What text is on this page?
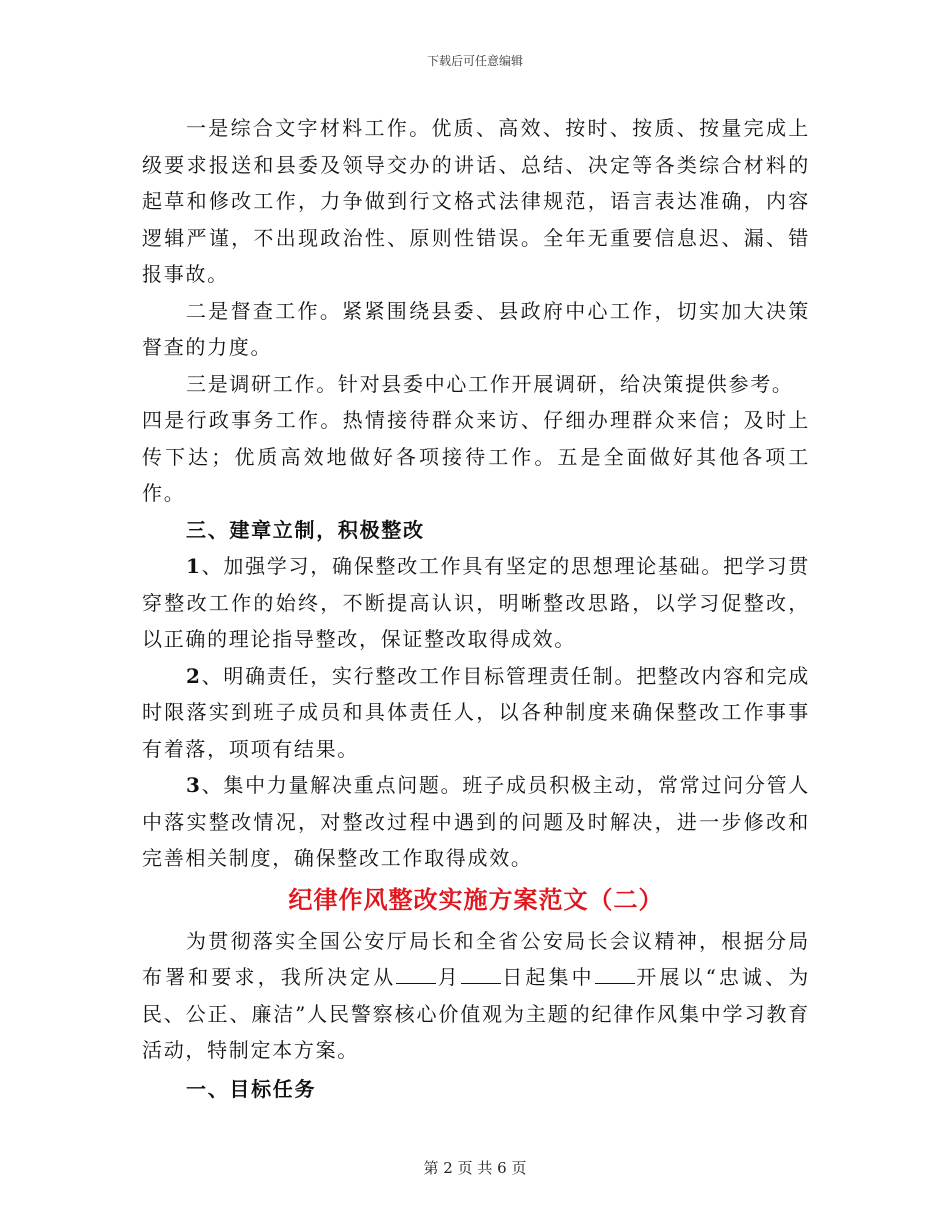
下载后可任意编辑

一是综合文字材料工作。优质、高效、按时、按质、按量完成上级要求报送和县委及领导交办的讲话、总结、决定等各类综合材料的起草和修改工作，力争做到行文格式法律规范，语言表达准确，内容逻辑严谨，不出现政治性、原则性错误。全年无重要信息迟、漏、错报事故。

二是督查工作。紧紧围绕县委、县政府中心工作，切实加大决策督查的力度。

三是调研工作。针对县委中心工作开展调研，给决策提供参考。

四是行政事务工作。热情接待群众来访、仔细办理群众来信；及时上传下达；优质高效地做好各项接待工作。五是全面做好其他各项工作。

三、建章立制，积极整改

1、加强学习，确保整改工作具有坚定的思想理论基础。把学习贯穿整改工作的始终，不断提高认识，明晰整改思路，以学习促整改，以正确的理论指导整改，保证整改取得成效。

2、明确责任，实行整改工作目标管理责任制。把整改内容和完成时限落实到班子成员和具体责任人，以各种制度来确保整改工作事事有着落，项项有结果。

3、集中力量解决重点问题。班子成员积极主动，常常过问分管人中落实整改情况，对整改过程中遇到的问题及时解决，进一步修改和完善相关制度，确保整改工作取得成效。

纪律作风整改实施方案范文（二）

为贯彻落实全国公安厅局长和全省公安局长会议精神，根据分局布署和要求，我所决定从 月 日起集中 开展以“忠诚、为民、公正、廉洁”人民警察核心价值观为主题的纪律作风集中学习教育活动，特制定本方案。

一、目标任务

第 2 页 共 6 页
